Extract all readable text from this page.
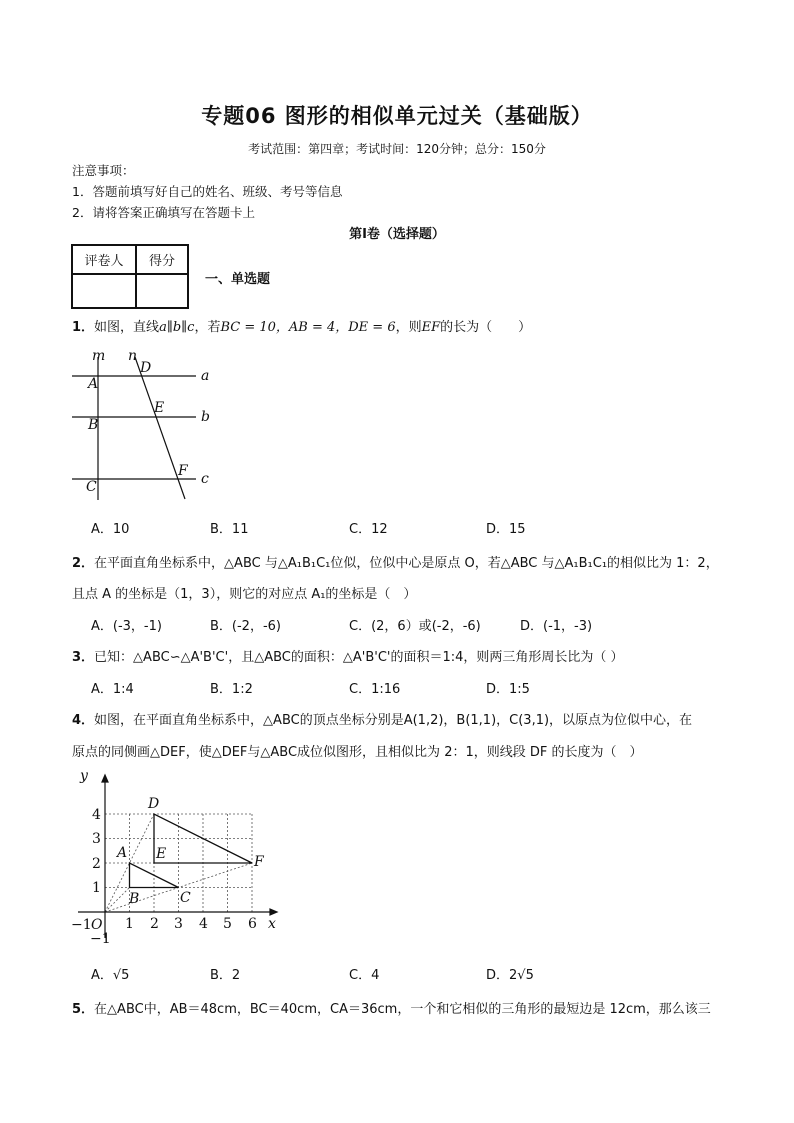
专题06 图形的相似单元过关（基础版）
考试范围：第四章；考试时间：120分钟；总分：150分
注意事项：
1．答题前填写好自己的姓名、班级、考号等信息
2．请将答案正确填写在答题卡上
第I卷（选择题）
评卷人	得分

一、单选题
1．如图，直线a∥b∥c，若BC = 10，AB = 4，DE = 6，则EF的长为（　　）
m n
A
B
C
D
E
F
a
b
c
A．10	B．11	C．12	D．15
2．在平面直角坐标系中，△ABC 与△A₁B₁C₁位似，位似中心是原点 O，若△ABC 与△A₁B₁C₁的相似比为 1：2，
且点 A 的坐标是（1，3），则它的对应点 A₁的坐标是（　）
A．(-3，-1)	B．(-2，-6)	C．(2，6）或(-2，-6)	D．(-1，-3)
3．已知：△ABC∽△A'B'C'，且△ABC的面积：△A'B'C'的面积＝1:4，则两三角形周长比为（ ）
A．1:4	B．1:2	C．1:16	D．1:5
4．如图，在平面直角坐标系中，△ABC的顶点坐标分别是A(1,2)，B(1,1)，C(3,1)，以原点为位似中心，在
原点的同侧画△DEF，使△DEF与△ABC成位似图形，且相似比为 2：1，则线段 DF 的长度为（　）
y
x
O
−1
−1
1 2 3 4 5 6
1
2
3
4
A
B	C
D
E	F
A．√5	B．2	C．4	D．2√5
5．在△ABC中，AB＝48cm，BC＝40cm，CA＝36cm，一个和它相似的三角形的最短边是 12cm，那么该三
